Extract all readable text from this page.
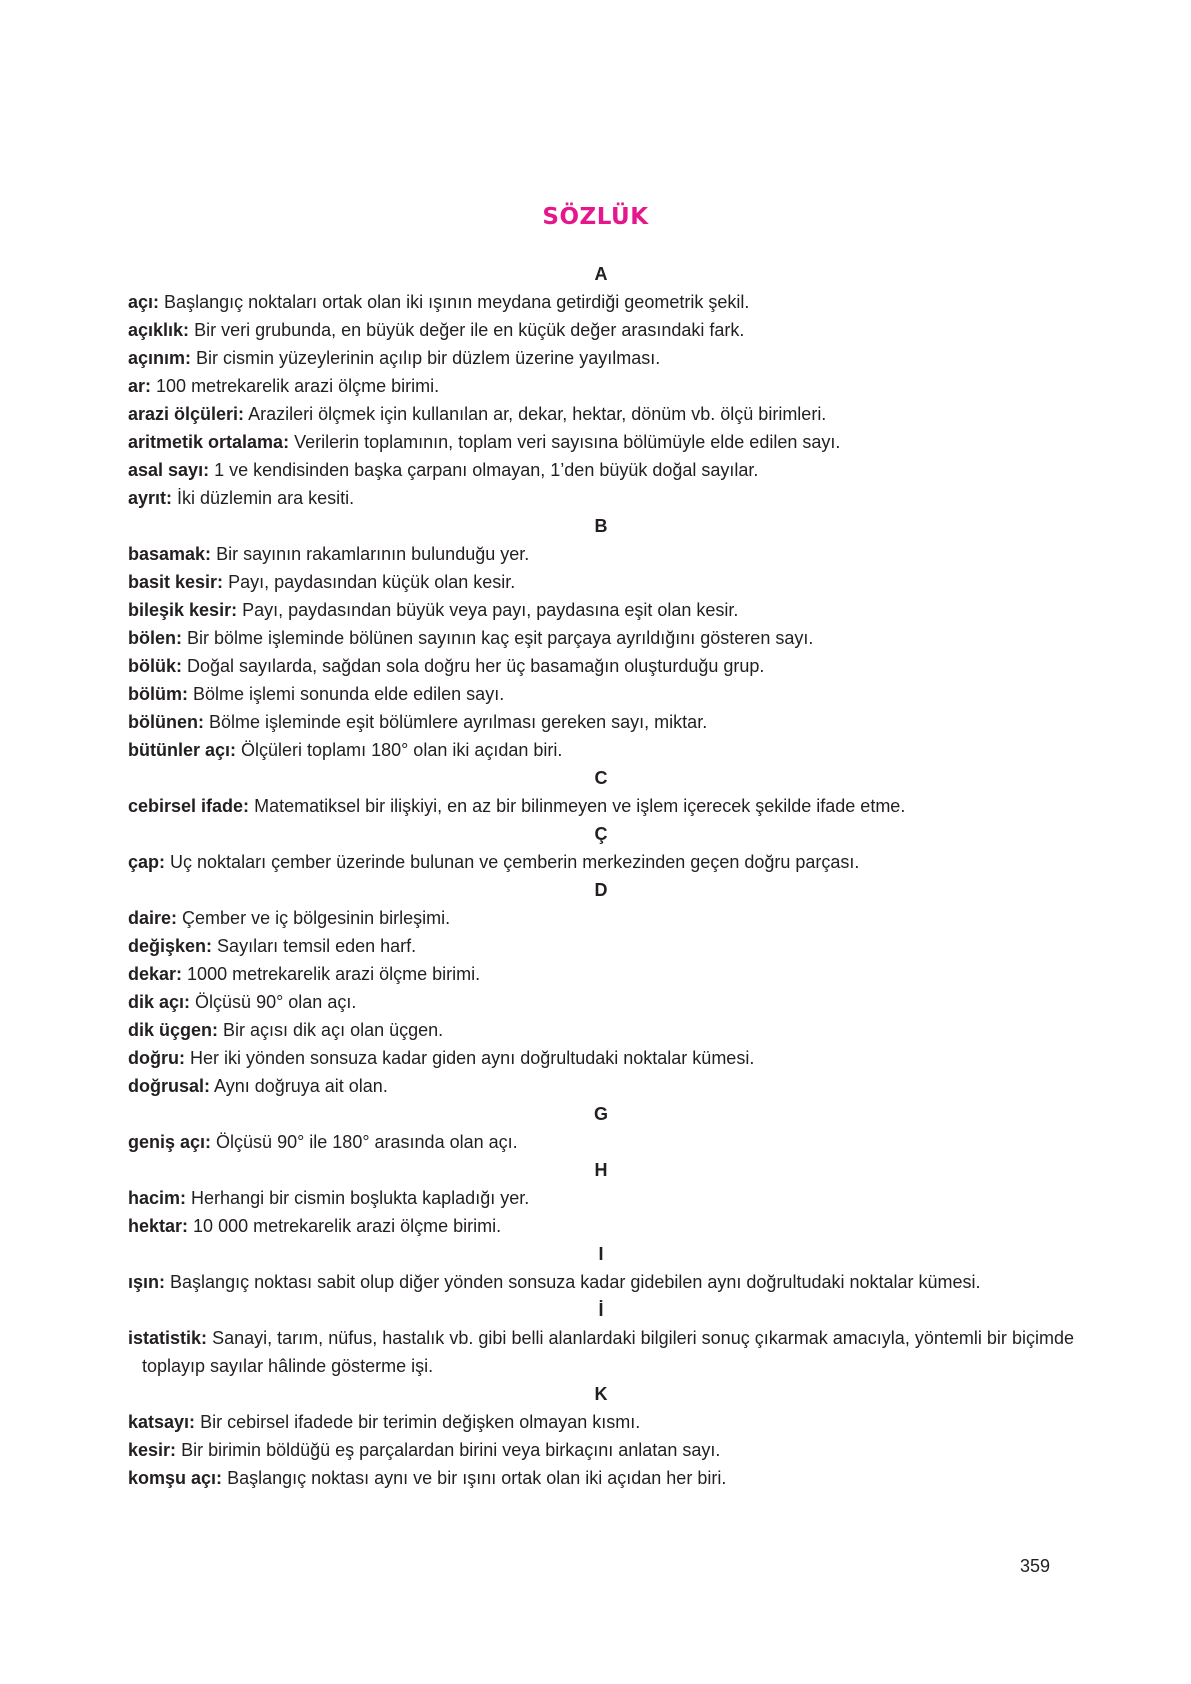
SÖZLÜK
A
açı: Başlangıç noktaları ortak olan iki ışının meydana getirdiği geometrik şekil.
açıklık: Bir veri grubunda, en büyük değer ile en küçük değer arasındaki fark.
açınım: Bir cismin yüzeylerinin açılıp bir düzlem üzerine yayılması.
ar: 100 metrekarelik arazi ölçme birimi.
arazi ölçüleri: Arazileri ölçmek için kullanılan ar, dekar, hektar, dönüm vb. ölçü birimleri.
aritmetik ortalama: Verilerin toplamının, toplam veri sayısına bölümüyle elde edilen sayı.
asal sayı: 1 ve kendisinden başka çarpanı olmayan, 1’den büyük doğal sayılar.
ayrıt: İki düzlemin ara kesiti.
B
basamak: Bir sayının rakamlarının bulunduğu yer.
basit kesir: Payı, paydasından küçük olan kesir.
bileşik kesir: Payı, paydasından büyük veya payı, paydasına eşit olan kesir.
bölen: Bir bölme işleminde bölünen sayının kaç eşit parçaya ayrıldığını gösteren sayı.
bölük: Doğal sayılarda, sağdan sola doğru her üç basamağın oluşturduğu grup.
bölüm: Bölme işlemi sonunda elde edilen sayı.
bölünen: Bölme işleminde eşit bölümlere ayrılması gereken sayı, miktar.
bütünler açı: Ölçüleri toplamı 180° olan iki açıdan biri.
C
cebirsel ifade: Matematiksel bir ilişkiyi, en az bir bilinmeyen ve işlem içerecek şekilde ifade etme.
Ç
çap: Uç noktaları çember üzerinde bulunan ve çemberin merkezinden geçen doğru parçası.
D
daire: Çember ve iç bölgesinin birleşimi.
değişken: Sayıları temsil eden harf.
dekar: 1000 metrekarelik arazi ölçme birimi.
dik açı: Ölçüsü 90° olan açı.
dik üçgen: Bir açısı dik açı olan üçgen.
doğru: Her iki yönden sonsuza kadar giden aynı doğrultudaki noktalar kümesi.
doğrusal: Aynı doğruya ait olan.
G
geniş açı: Ölçüsü 90° ile 180° arasında olan açı.
H
hacim: Herhangi bir cismin boşlukta kapladığı yer.
hektar: 10 000 metrekarelik arazi ölçme birimi.
I
ışın: Başlangıç noktası sabit olup diğer yönden sonsuza kadar gidebilen aynı doğrultudaki noktalar kümesi.
İ
istatistik: Sanayi, tarım, nüfus, hastalık vb. gibi belli alanlardaki bilgileri sonuç çıkarmak amacıyla, yöntemli bir biçimde toplayıp sayılar hâlinde gösterme işi.
K
katsayı: Bir cebirsel ifadede bir terimin değişken olmayan kısmı.
kesir: Bir birimin böldüğü eş parçalardan birini veya birkaçını anlatan sayı.
komşu açı: Başlangıç noktası aynı ve bir ışını ortak olan iki açıdan her biri.
359
